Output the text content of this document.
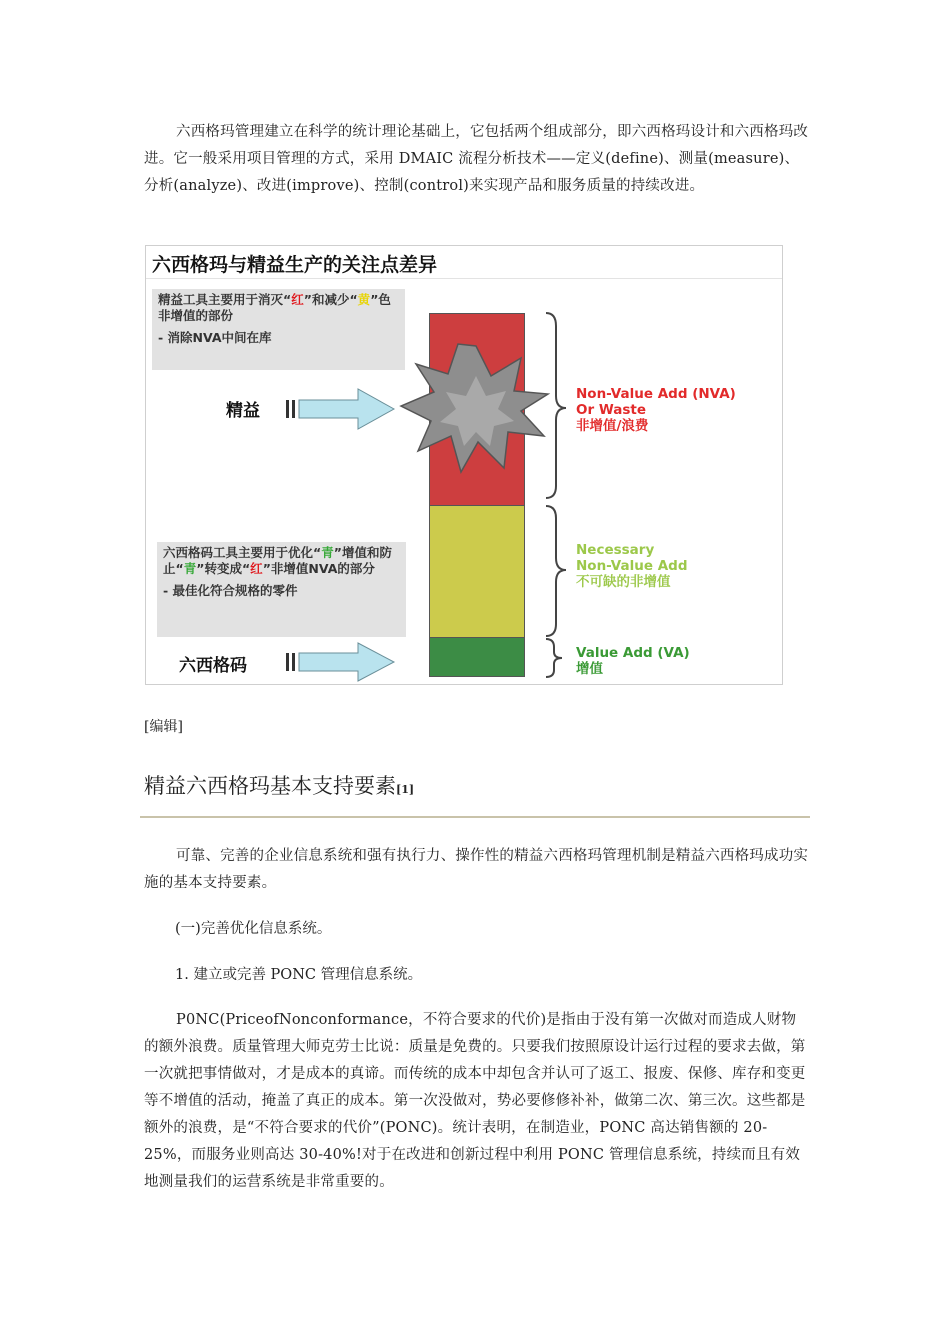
六西格玛管理建立在科学的统计理论基础上，它包括两个组成部分，即六西格玛设计和六西格玛改进。它一般采用项目管理的方式，采用 DMAIC 流程分析技术——定义(define)、测量(measure)、分析(analyze)、改进(improve)、控制(control)来实现产品和服务质量的持续改进。

六西格玛与精益生产的关注点差异
精益工具主要用于消灭“红”和减少“黄”色非增值的部份
- 消除NVA中间在库
六西格码工具主要用于优化“青”增值和防止“青”转变成“红”非增值NVA的部分
- 最佳化符合规格的零件
精益
六西格码
Non-Value Add (NVA)
Or Waste
非增值/浪费
Necessary
Non-Value Add
不可缺的非增值
Value Add (VA)
增值
[编辑]
精益六西格玛基本支持要素[1]

可靠、完善的企业信息系统和强有执行力、操作性的精益六西格玛管理机制是精益六西格玛成功实施的基本支持要素。

(一)完善优化信息系统。

1. 建立或完善 PONC 管理信息系统。

P0NC(PriceofNonconformance，不符合要求的代价)是指由于没有第一次做对而造成人财物的额外浪费。质量管理大师克劳士比说：质量是免费的。只要我们按照原设计运行过程的要求去做，第一次就把事情做对，才是成本的真谛。而传统的成本中却包含并认可了返工、报废、保修、库存和变更等不增值的活动，掩盖了真正的成本。第一次没做对，势必要修修补补，做第二次、第三次。这些都是额外的浪费，是“不符合要求的代价”(PONC)。统计表明，在制造业，PONC 高达销售额的 20-25%，而服务业则高达 30-40%!对于在改进和创新过程中利用 PONC 管理信息系统，持续而且有效地测量我们的运营系统是非常重要的。
